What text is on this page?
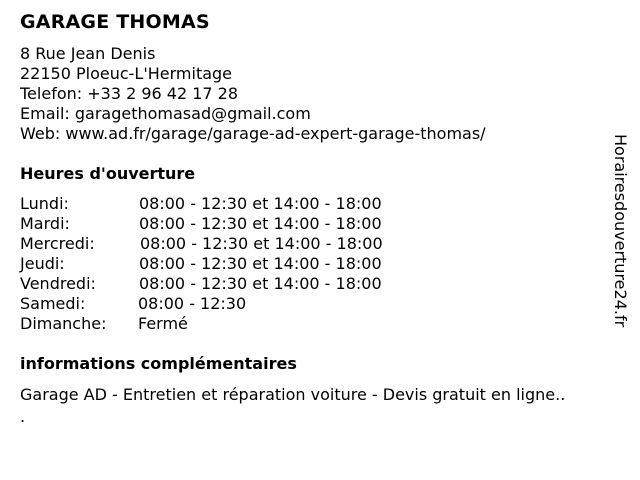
GARAGE THOMAS
8 Rue Jean Denis
22150 Ploeuc-L'Hermitage
Telefon: +33 2 96 42 17 28
Email: garagethomasad@gmail.com
Web: www.ad.fr/garage/garage-ad-expert-garage-thomas/
Heures d'ouverture
Lundi:	08:00 - 12:30 et 14:00 - 18:00
Mardi:	08:00 - 12:30 et 14:00 - 18:00
Mercredi:	08:00 - 12:30 et 14:00 - 18:00
Jeudi:	08:00 - 12:30 et 14:00 - 18:00
Vendredi:	08:00 - 12:30 et 14:00 - 18:00
Samedi:	08:00 - 12:30
Dimanche: Fermé
informations complémentaires
Garage AD - Entretien et réparation voiture - Devis gratuit en ligne..
.
Horairesdouverture24.fr
